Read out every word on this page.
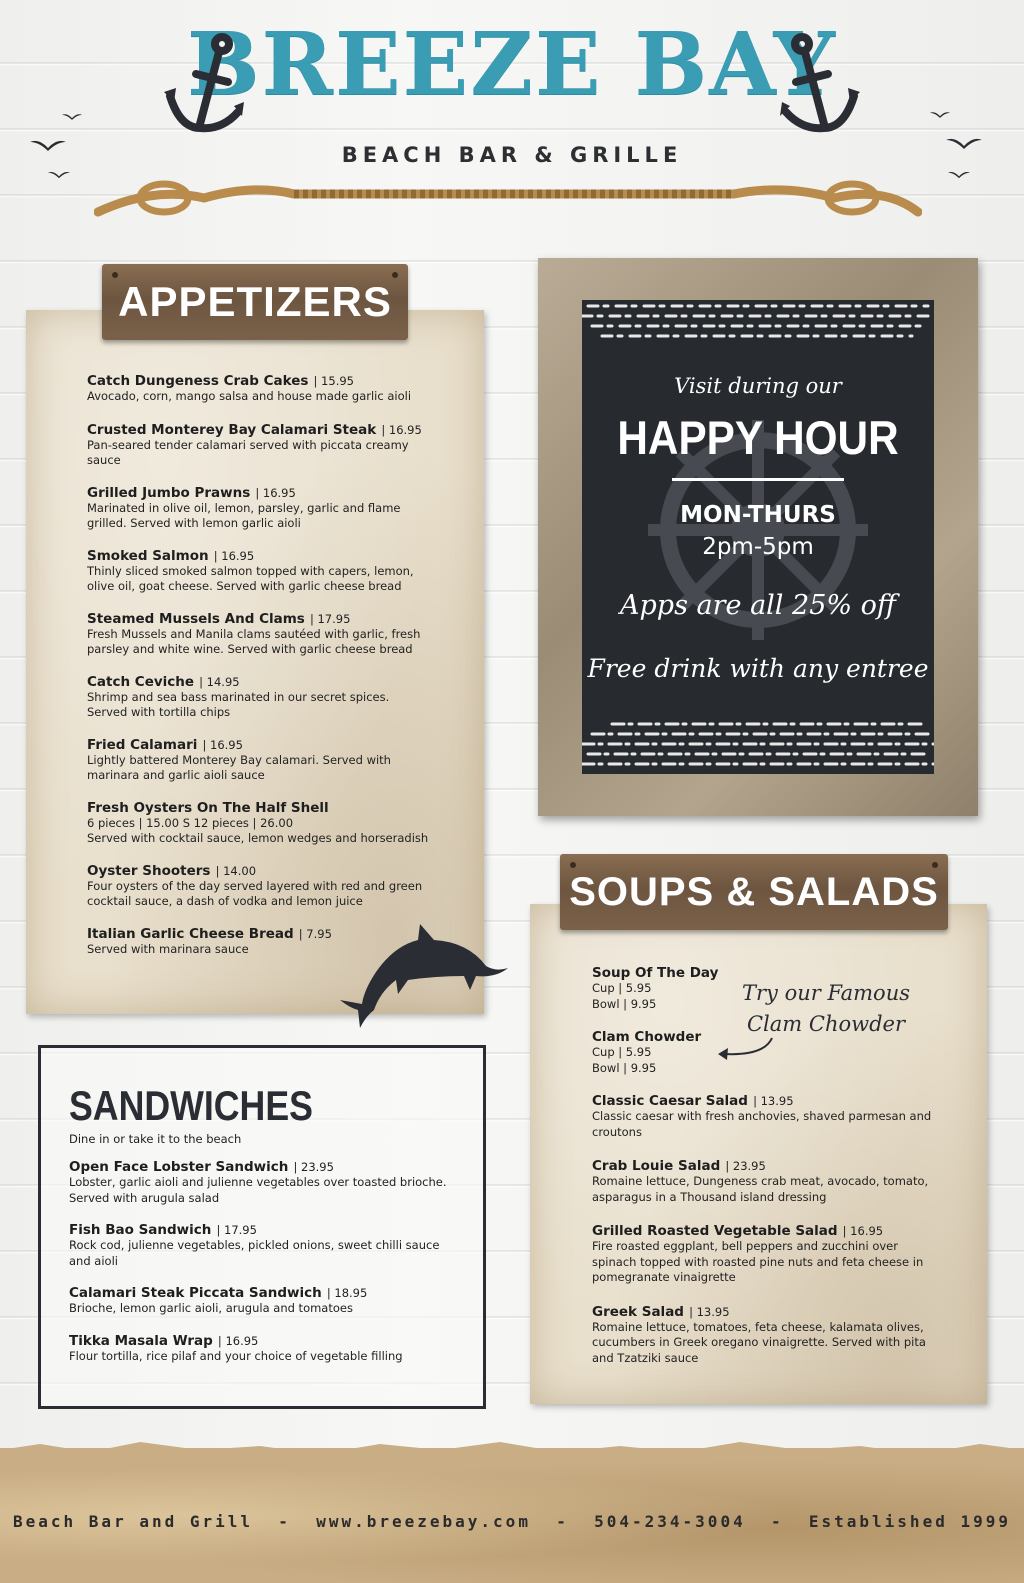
BREEZE BAY
BEACH BAR & GRILLE
APPETIZERS
Catch Dungeness Crab Cakes | 15.95
Avocado, corn, mango salsa and house made garlic aioli
Crusted Monterey Bay Calamari Steak | 16.95
Pan-seared tender calamari served with piccata creamy sauce
Grilled Jumbo Prawns | 16.95
Marinated in olive oil, lemon, parsley, garlic and flame grilled. Served with lemon garlic aioli
Smoked Salmon | 16.95
Thinly sliced smoked salmon topped with capers, lemon, olive oil, goat cheese. Served with garlic cheese bread
Steamed Mussels And Clams | 17.95
Fresh Mussels and Manila clams sautéed with garlic, fresh parsley and white wine. Served with garlic cheese bread
Catch Ceviche | 14.95
Shrimp and sea bass marinated in our secret spices. Served with tortilla chips
Fried Calamari | 16.95
Lightly battered Monterey Bay calamari. Served with marinara and garlic aioli sauce
Fresh Oysters On The Half Shell
6 pieces | 15.00 S 12 pieces | 26.00
Served with cocktail sauce, lemon wedges and horseradish
Oyster Shooters | 14.00
Four oysters of the day served layered with red and green cocktail sauce, a dash of vodka and lemon juice
Italian Garlic Cheese Bread | 7.95
Served with marinara sauce
Visit during our
HAPPY HOUR
MON-THURS
2pm-5pm
Apps are all 25% off
Free drink with any entree
SOUPS & SALADS
Try our Famous
Clam Chowder
Soup Of The Day
Cup | 5.95
Bowl | 9.95
Clam Chowder
Cup | 5.95
Bowl | 9.95
Classic Caesar Salad | 13.95
Classic caesar with fresh anchovies, shaved parmesan and croutons
Crab Louie Salad | 23.95
Romaine lettuce, Dungeness crab meat, avocado, tomato, asparagus in a Thousand island dressing
Grilled Roasted Vegetable Salad | 16.95
Fire roasted eggplant, bell peppers and zucchini over spinach topped with roasted pine nuts and feta cheese in pomegranate vinaigrette
Greek Salad | 13.95
Romaine lettuce, tomatoes, feta cheese, kalamata olives, cucumbers in Greek oregano vinaigrette. Served with pita and Tzatziki sauce
SANDWICHES
Dine in or take it to the beach
Open Face Lobster Sandwich | 23.95
Lobster, garlic aioli and julienne vegetables over toasted brioche. Served with arugula salad
Fish Bao Sandwich | 17.95
Rock cod, julienne vegetables, pickled onions, sweet chilli sauce and aioli
Calamari Steak Piccata Sandwich | 18.95
Brioche, lemon garlic aioli, arugula and tomatoes
Tikka Masala Wrap | 16.95
Flour tortilla, rice pilaf and your choice of vegetable filling
Beach Bar and Grill  -  www.breezebay.com  -  504-234-3004  -  Established 1999
